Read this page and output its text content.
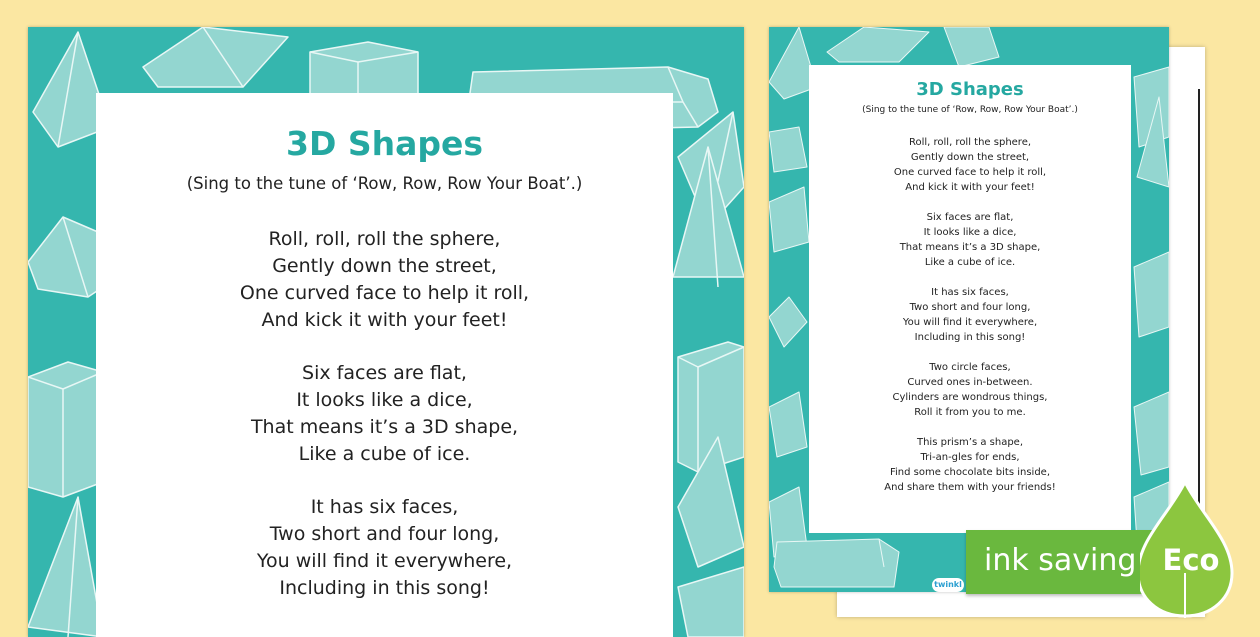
3D Shapes

(Sing to the tune of ‘Row, Row, Row Your Boat’.)

Roll, roll, roll the sphere,
Gently down the street,
One curved face to help it roll,
And kick it with your feet!
Six faces are flat,
It looks like a dice,
That means it’s a 3D shape,
Like a cube of ice.
It has six faces,
Two short and four long,
You will find it everywhere,
Including in this song!
3D Shapes

(Sing to the tune of ‘Row, Row, Row Your Boat’.)

Roll, roll, roll the sphere,
Gently down the street,
One curved face to help it roll,
And kick it with your feet!
Six faces are flat,
It looks like a dice,
That means it’s a 3D shape,
Like a cube of ice.
It has six faces,
Two short and four long,
You will find it everywhere,
Including in this song!
Two circle faces,
Curved ones in-between.
Cylinders are wondrous things,
Roll it from you to me.
This prism’s a shape,
Tri-an-gles for ends,
Find some chocolate bits inside,
And share them with your friends!
twinkl
ink saving Eco
